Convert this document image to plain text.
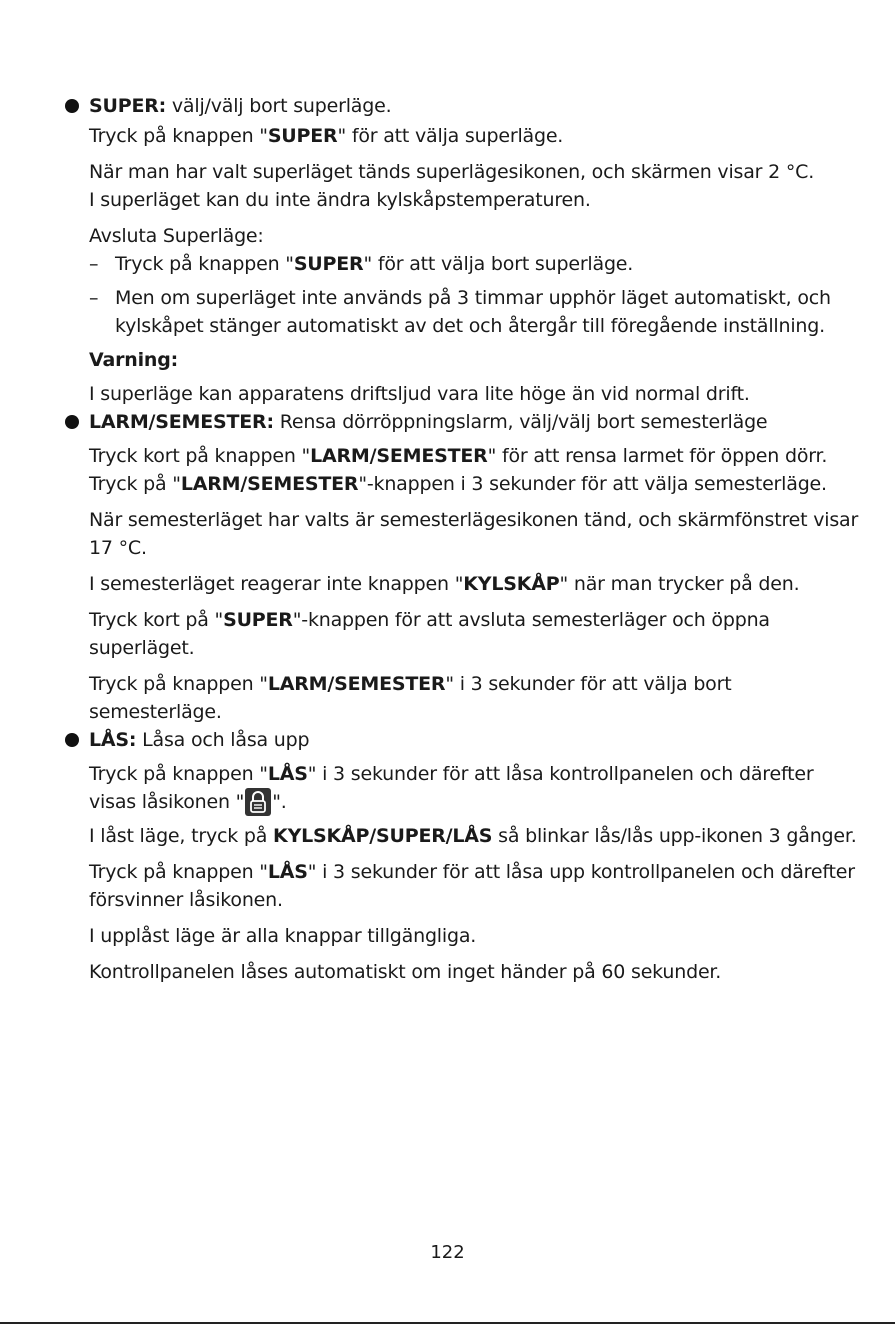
SUPER: välj/välj bort superläge.

Tryck på knappen "SUPER" för att välja superläge.

När man har valt superläget tänds superlägesikonen, och skärmen visar 2 °C.
I superläget kan du inte ändra kylskåpstemperaturen.

Avsluta Superläge:

– Tryck på knappen "SUPER" för att välja bort superläge.
– Men om superläget inte används på 3 timmar upphör läget automatiskt, och kylskåpet stänger automatiskt av det och återgår till föregående inställning.

Varning:

I superläge kan apparatens driftsljud vara lite höge än vid normal drift.

LARM/SEMESTER: Rensa dörröppningslarm, välj/välj bort semesterläge

Tryck kort på knappen "LARM/SEMESTER" för att rensa larmet för öppen dörr. Tryck på "LARM/SEMESTER"-knappen i 3 sekunder för att välja semesterläge.

När semesterläget har valts är semesterlägesikonen tänd, och skärmfönstret visar 17 °C.

I semesterläget reagerar inte knappen "KYLSKÅP" när man trycker på den.

Tryck kort på "SUPER"-knappen för att avsluta semesterläger och öppna superläget.

Tryck på knappen "LARM/SEMESTER" i 3 sekunder för att välja bort semesterläge.

LÅS: Låsa och låsa upp

Tryck på knappen "LÅS" i 3 sekunder för att låsa kontrollpanelen och därefter visas låsikonen " ".

I låst läge, tryck på KYLSKÅP/SUPER/LÅS så blinkar lås/lås upp-ikonen 3 gånger.

Tryck på knappen "LÅS" i 3 sekunder för att låsa upp kontrollpanelen och därefter försvinner låsikonen.

I upplåst läge är alla knappar tillgängliga.

Kontrollpanelen låses automatiskt om inget händer på 60 sekunder.

122
